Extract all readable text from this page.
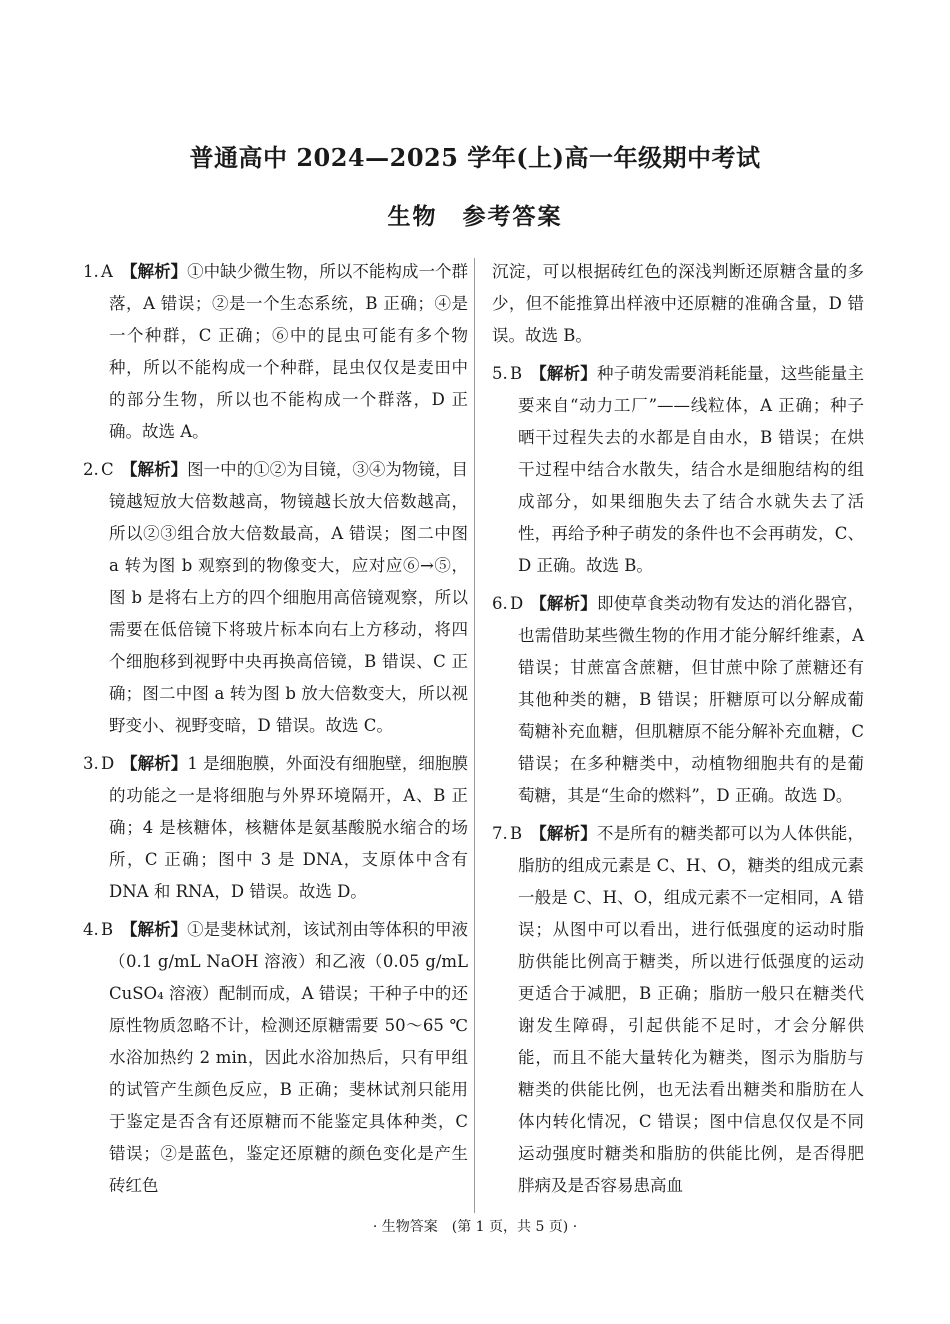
普通高中 2024—2025 学年(上)高一年级期中考试
生物　参考答案
1. A 【解析】①中缺少微生物，所以不能构成一个群落，A 错误；②是一个生态系统，B 正确；④是一个种群，C 正确；⑥中的昆虫可能有多个物种，所以不能构成一个种群，昆虫仅仅是麦田中的部分生物，所以也不能构成一个群落，D 正确。故选 A。
2. C 【解析】图一中的①②为目镜，③④为物镜，目镜越短放大倍数越高，物镜越长放大倍数越高，所以②③组合放大倍数最高，A 错误；图二中图 a 转为图 b 观察到的物像变大，应对应⑥→⑤，图 b 是将右上方的四个细胞用高倍镜观察，所以需要在低倍镜下将玻片标本向右上方移动，将四个细胞移到视野中央再换高倍镜，B 错误、C 正确；图二中图 a 转为图 b 放大倍数变大，所以视野变小、视野变暗，D 错误。故选 C。
3. D 【解析】1 是细胞膜，外面没有细胞壁，细胞膜的功能之一是将细胞与外界环境隔开，A、B 正确；4 是核糖体，核糖体是氨基酸脱水缩合的场所，C 正确；图中 3 是 DNA，支原体中含有 DNA 和 RNA，D 错误。故选 D。
4. B 【解析】①是斐林试剂，该试剂由等体积的甲液（0.1 g/mL NaOH 溶液）和乙液（0.05 g/mL CuSO₄ 溶液）配制而成，A 错误；干种子中的还原性物质忽略不计，检测还原糖需要 50～65 ℃水浴加热约 2 min，因此水浴加热后，只有甲组的试管产生颜色反应，B 正确；斐林试剂只能用于鉴定是否含有还原糖而不能鉴定具体种类，C 错误；②是蓝色，鉴定还原糖的颜色变化是产生砖红色
沉淀，可以根据砖红色的深浅判断还原糖含量的多少，但不能推算出样液中还原糖的准确含量，D 错误。故选 B。
5. B 【解析】种子萌发需要消耗能量，这些能量主要来自“动力工厂”——线粒体，A 正确；种子晒干过程失去的水都是自由水，B 错误；在烘干过程中结合水散失，结合水是细胞结构的组成部分，如果细胞失去了结合水就失去了活性，再给予种子萌发的条件也不会再萌发，C、D 正确。故选 B。
6. D 【解析】即使草食类动物有发达的消化器官，也需借助某些微生物的作用才能分解纤维素，A 错误；甘蔗富含蔗糖，但甘蔗中除了蔗糖还有其他种类的糖，B 错误；肝糖原可以分解成葡萄糖补充血糖，但肌糖原不能分解补充血糖，C 错误；在多种糖类中，动植物细胞共有的是葡萄糖，其是“生命的燃料”，D 正确。故选 D。
7. B 【解析】不是所有的糖类都可以为人体供能，脂肪的组成元素是 C、H、O，糖类的组成元素一般是 C、H、O，组成元素不一定相同，A 错误；从图中可以看出，进行低强度的运动时脂肪供能比例高于糖类，所以进行低强度的运动更适合于减肥，B 正确；脂肪一般只在糖类代谢发生障碍，引起供能不足时，才会分解供能，而且不能大量转化为糖类，图示为脂肪与糖类的供能比例，也无法看出糖类和脂肪在人体内转化情况，C 错误；图中信息仅仅是不同运动强度时糖类和脂肪的供能比例，是否得肥胖病及是否容易患高血
· 生物答案　(第 1 页，共 5 页) ·
